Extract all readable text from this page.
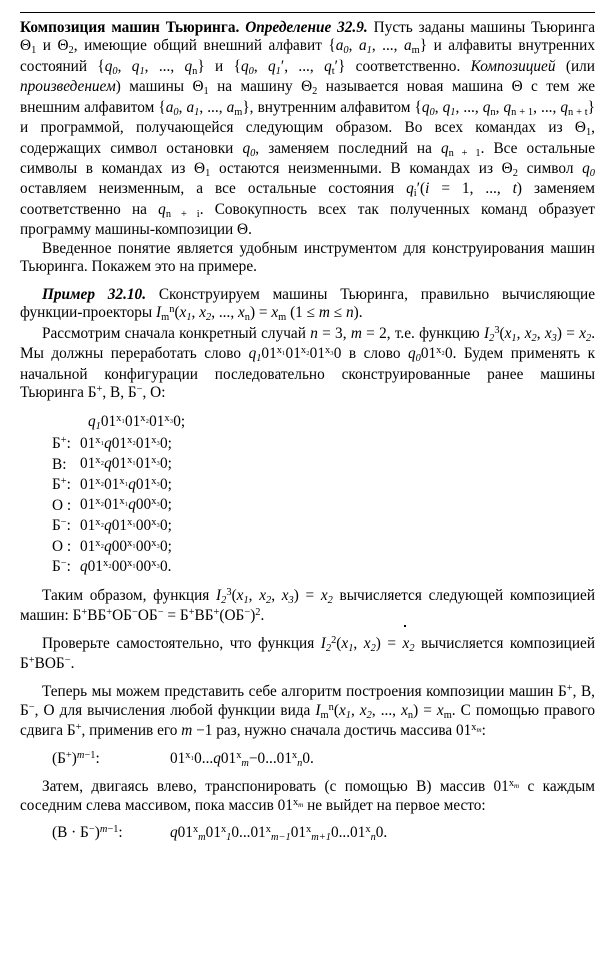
Композиция машин Тьюринга. Определение 32.9. Пусть заданы машины Тьюринга $\Theta_1$ и $\Theta_2$, имеющие общий внешний алфавит {$a_0$, $a_1$, ..., $a_m$} и алфавиты внутренних состояний {$q_0$, $q_1$, ..., $q_n$} и {$q_0$, $q_1'$, ..., $q_t'$} соответственно. Композицией (или произведением) машины $\Theta_1$ на машину $\Theta_2$ называется новая машина Θ с тем же внешним алфавитом {$a_0$, $a_1$, ..., $a_m$}, внутренним алфавитом {$q_0$, $q_1$, ..., $q_n$, $q_{n + 1}$, ..., $q_{n + t}$} и программой, получающейся следующим образом. Во всех командах из $\Theta_1$, содержащих символ остановки $q_0$, заменяем последний на $q_{n + 1}$. Все остальные символы в командах из $\Theta_1$ остаются неизменными. В командах из $\Theta_2$ символ $q_0$ оставляем неизменным, а все остальные состояния $q_i'(i = 1$, ..., t) заменяем соответственно на $q_{n + i}$. Совокупность всех так полученных команд образует программу машины-композиции Θ.

Введенное понятие является удобным инструментом для конструирования машин Тьюринга. Покажем это на примере.

Пример 32.10. Сконструируем машины Тьюринга, правильно вычисляющие функции-проекторы $I_m^n(x_1$, $x_2$, ..., $x_n) = x_m$ (1 ≤ m ≤ n).

Рассмотрим сначала конкретный случай n = 3, m = 2, т.е. функцию $I_2^3(x_1$, $x_2$, $x_3) = x_2$. Мы должны переработать слово $q_101^{x_1}01^{x_2}01^{x_3}0$ в слово $q_001^{x_2}0$. Будем применять к начальной конфигурации последовательно сконструированные ранее машины Тьюринга Б+, В, Б−, О:

$q_101^{x_1}01^{x_2}01^{x_3}0$;
Б+: $01^{x_1}q01^{x_2}01^{x_3}0$;
В: $01^{x_2}q01^{x_1}01^{x_3}0$;
Б+: $01^{x_2}01^{x_1}q01^{x_3}0$;
О : $01^{x_2}01^{x_1}q00^{x_3}0$;
Б−: $01^{x_2}q01^{x_1}00^{x_3}0$;
О : $01^{x_2}q00^{x_1}00^{x_3}0$;
Б−: $q01^{x_2}00^{x_1}00^{x_3}0$.

Таким образом, функция $I_2^3(x_1$, $x_2$, $x_3) = x_2$ вычисляется следующей композицией машин: $Б^+ВБ^+ОБ^-ОБ^- = Б^+ВБ^+(ОБ^-)^2$.

Проверьте самостоятельно, что функция $I_2^2(x_1$, $x_2) = x_2$ вычисляется композицией Б+ВОБ−.

Теперь мы можем представить себе алгоритм построения композиции машин Б+, В, Б−, О для вычисления любой функции вида $I_m^n(x_1$, $x_2$, ..., $x_n) = x_m$. С помощью правого сдвига Б+, применив его m −1 раз, нужно сначала достичь массива $01^{x_m}$:

$(Б^+)^{m-1}$:	$01^{x_1}0...q01^x_m-0...01^x_n0$.

Затем, двигаясь влево, транспонировать (с помощью В) массив $01^{x_m}$ с каждым соседним слева массивом, пока массив $01^{x_m}$ не выйдет на первое место:

$(В \cdot Б^-)^{m-1}$:	$q01^x_m01^x_10...01^x_{m-1}01^x_{m+1}0...01^x_n0$.
